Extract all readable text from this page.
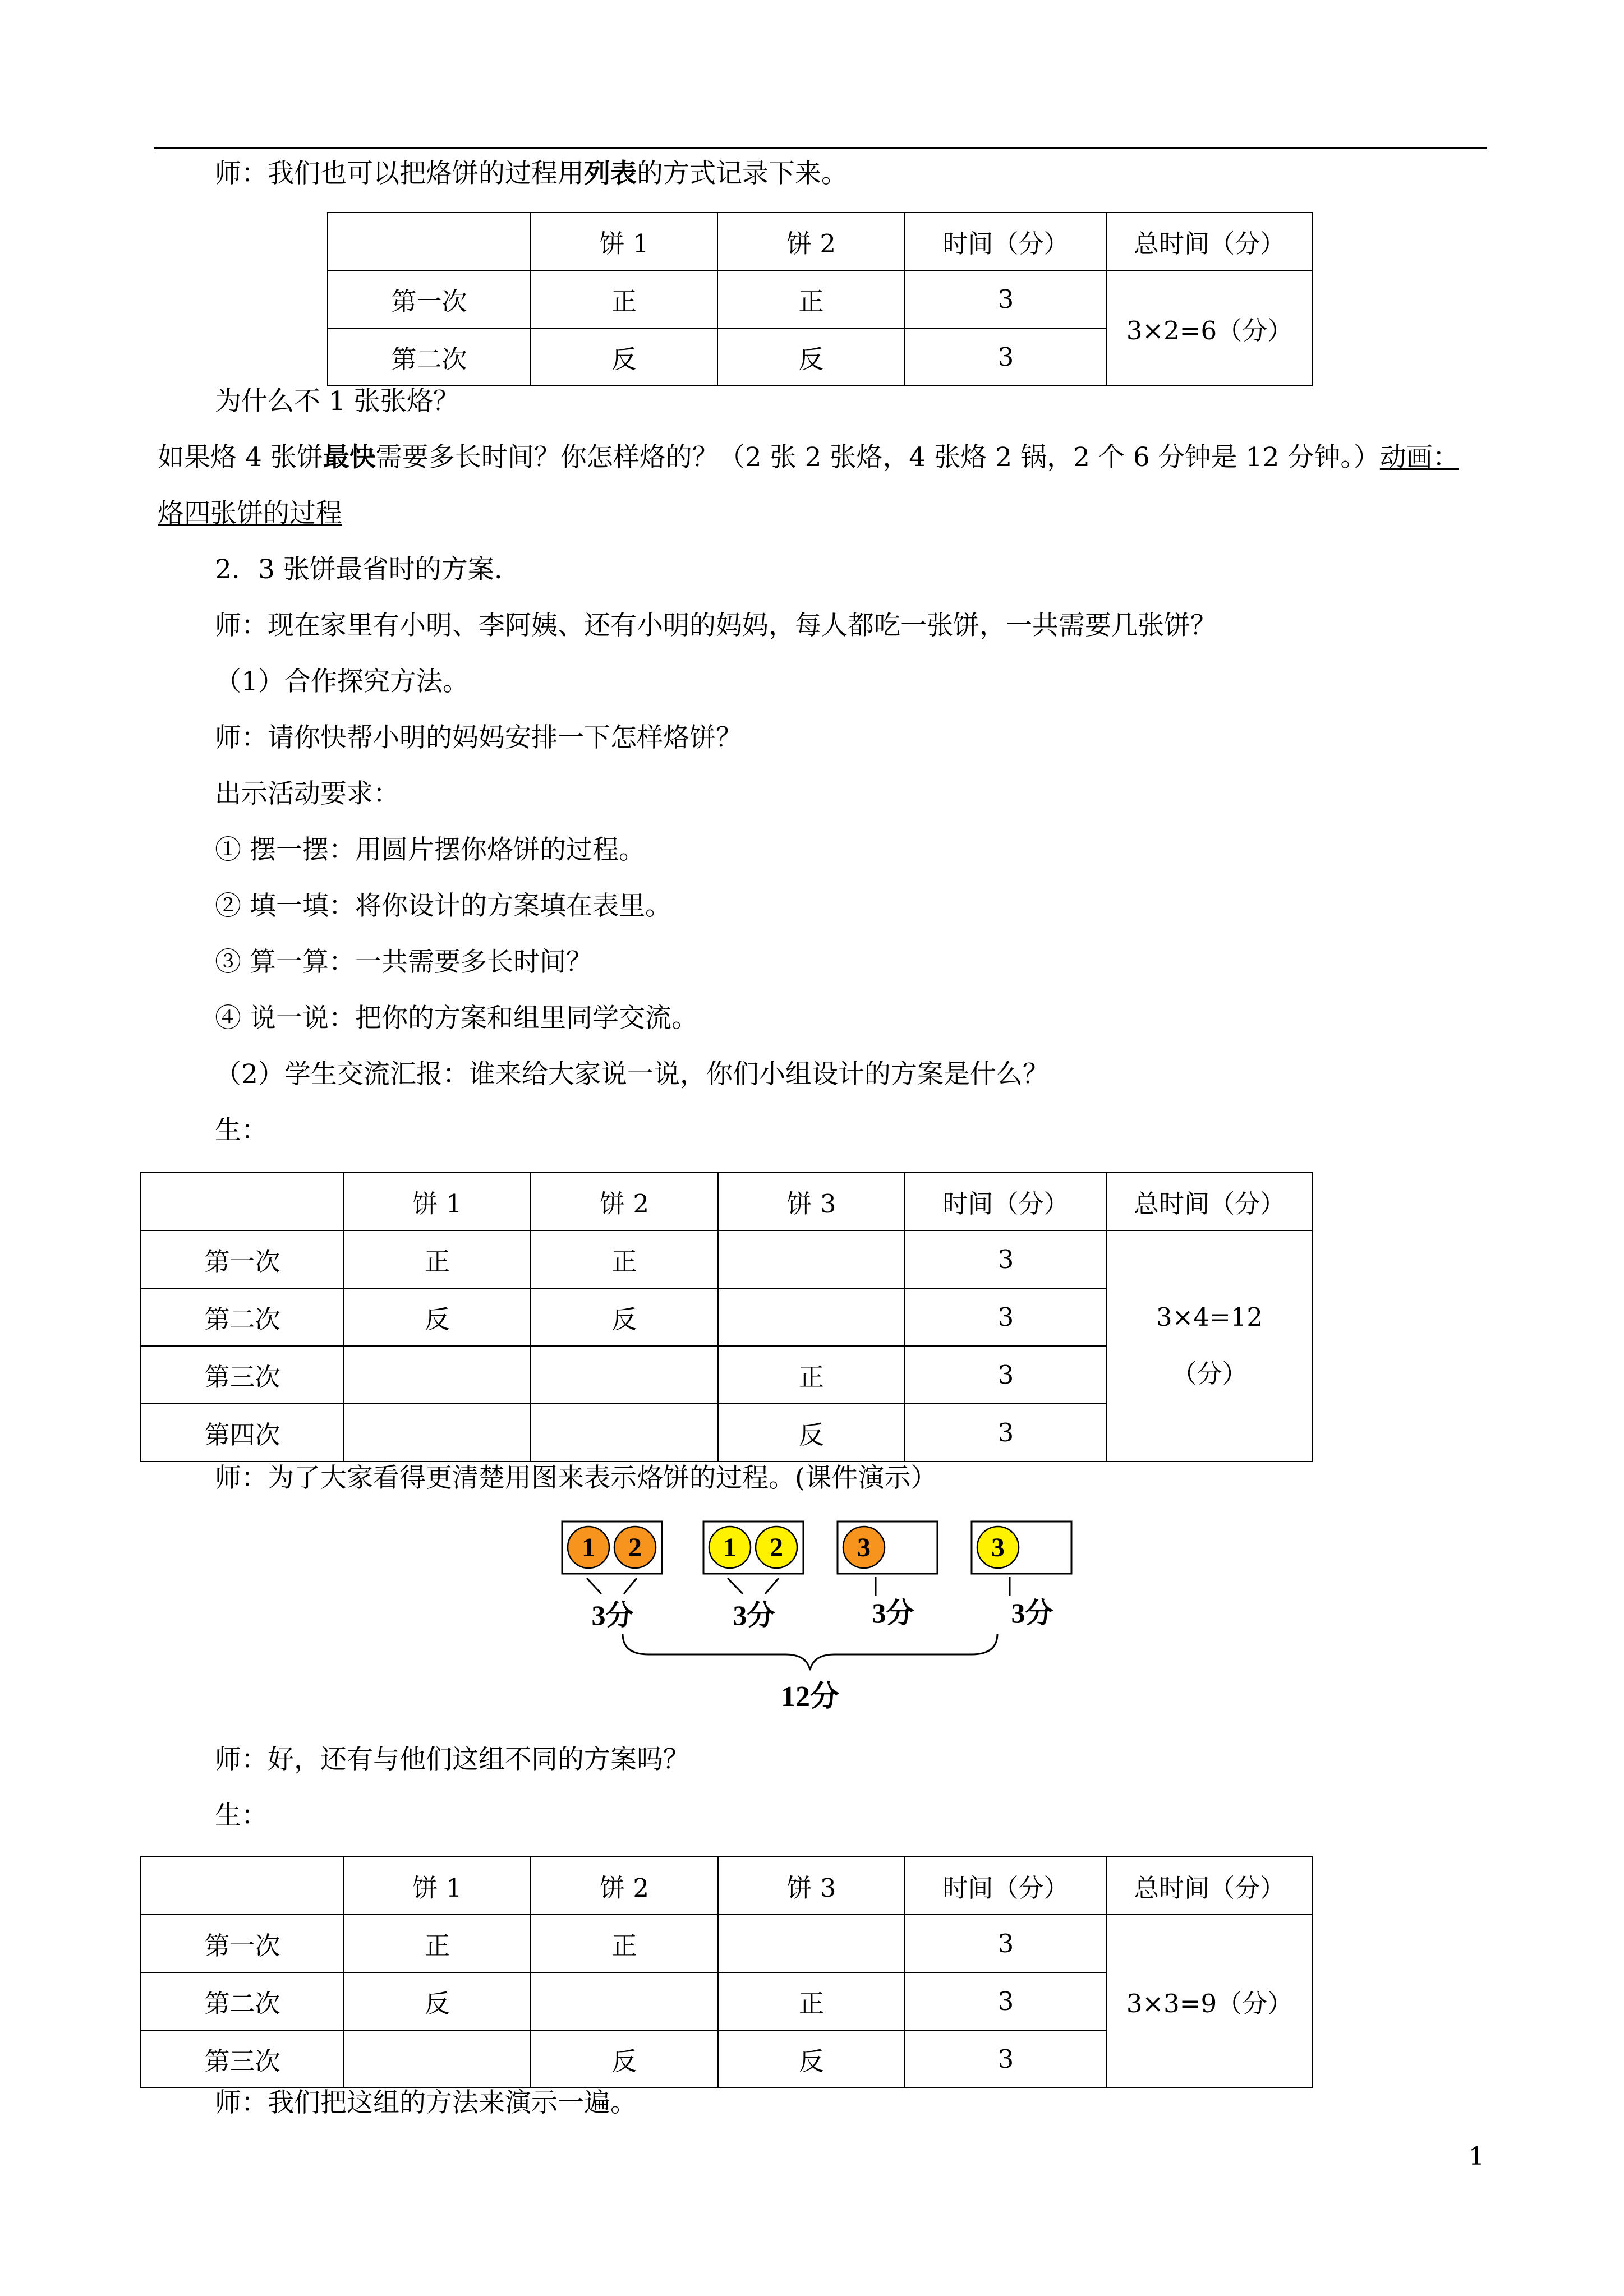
师：我们也可以把烙饼的过程用列表的方式记录下来。
	饼 1	饼 2	时间（分）	总时间（分）
第一次	正	正	3	3×2=6（分）
第二次	反	反	3	
为什么不 1 张张烙？
如果烙 4 张饼最快需要多长时间？你怎样烙的？（2 张 2 张烙，4 张烙 2 锅，2 个 6 分钟是 12 分钟。）动画：
烙四张饼的过程
2．3 张饼最省时的方案.
师：现在家里有小明、李阿姨、还有小明的妈妈，每人都吃一张饼，一共需要几张饼？
（1）合作探究方法。
师：请你快帮小明的妈妈安排一下怎样烙饼？
出示活动要求：
① 摆一摆：用圆片摆你烙饼的过程。
② 填一填：将你设计的方案填在表里。
③ 算一算：一共需要多长时间？
④ 说一说：把你的方案和组里同学交流。
（2）学生交流汇报：谁来给大家说一说，你们小组设计的方案是什么？
生：
	饼 1	饼 2	饼 3	时间（分）	总时间（分）
第一次	正	正		3	3×4=12
（分）

第二次	反	反		3	
第三次			正	3	
第四次			反	3	
师：为了大家看得更清楚用图来表示烙饼的过程。(课件演示）
1 2	1 2	3	3
3分	3分	3分	3分
12分
师：好，还有与他们这组不同的方案吗？
生：
	饼 1	饼 2	饼 3	时间（分）	总时间（分）
第一次	正	正		3	3×3=9（分）
第二次	反		正	3	
第三次		反	反	3	
师：我们把这组的方法来演示一遍。
1
